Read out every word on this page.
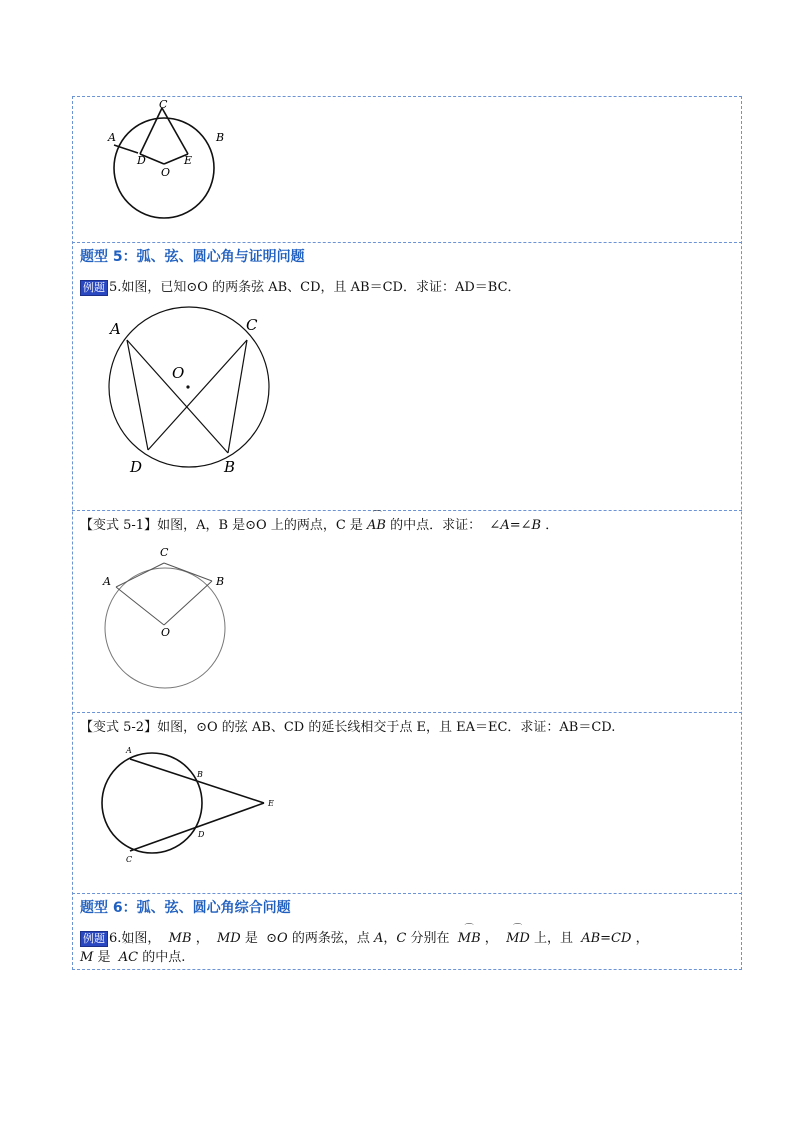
A	B
C
D	E
O
题型 5：弧、弦、圆心角与证明问题
例题 5.如图，已知⊙O 的两条弦 AB、CD，且 AB＝CD．求证：AD＝BC．
A	C
O
D	B
【变式 5-1】如图，A，B 是⊙O 上的两点，C 是 ⌒ AB 的中点．求证： ∠A=∠B ．
A	B
C
O
【变式 5-2】如图，⊙O 的弦 AB、CD 的延长线相交于点 E，且 EA＝EC．求证：AB＝CD.
A
B
E
D
C
题型 6：弧、弦、圆心角综合问题
例题 6.如图， MB ， MD 是 ⊙O 的两条弦，点 A，C 分别在 ⌒ MB ， ⌒ MD 上，且 AB=CD ，
M 是 ⌒ AC 的中点.
